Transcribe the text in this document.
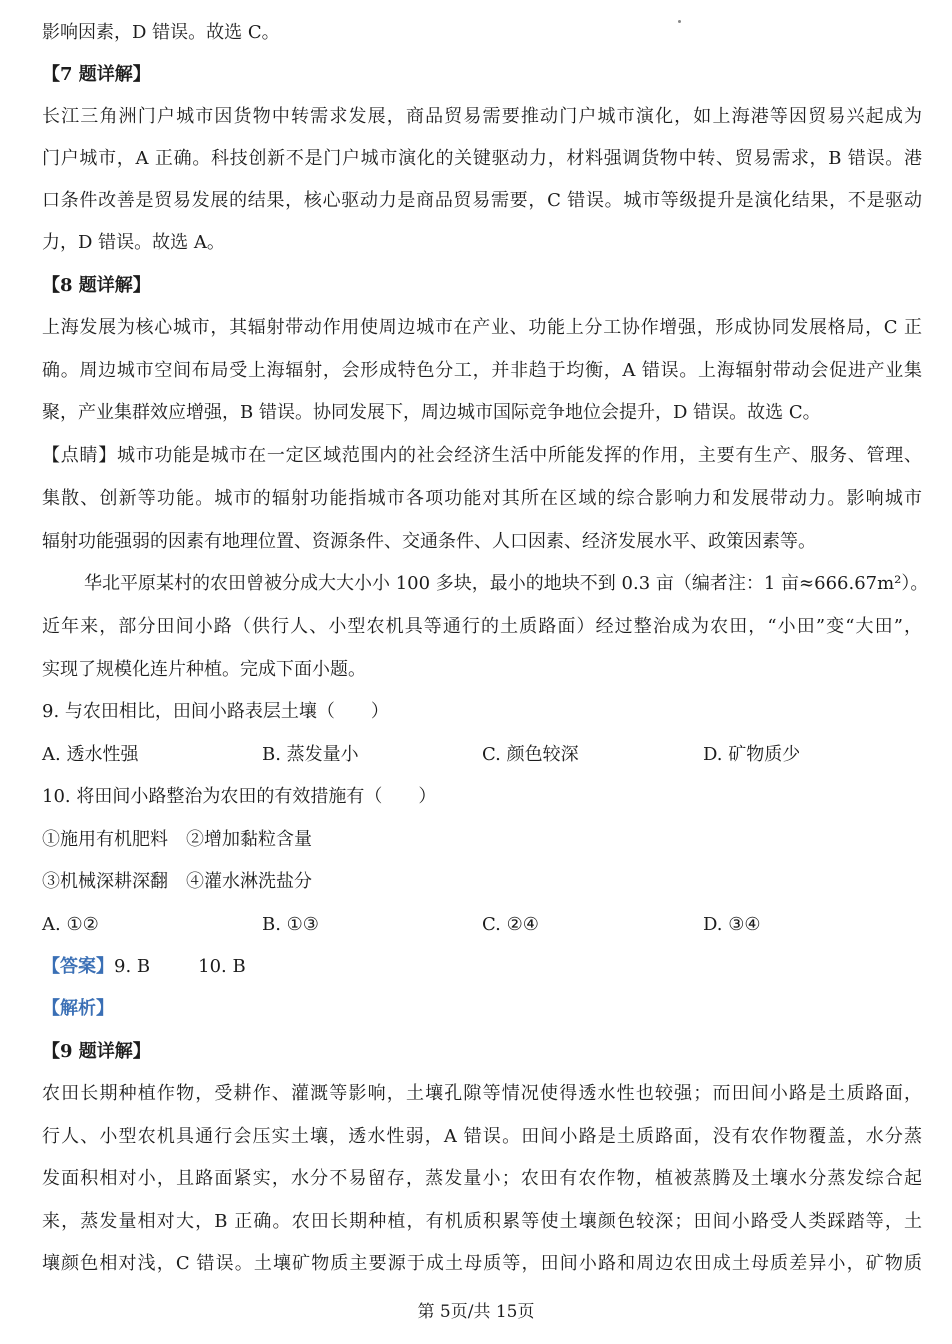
影响因素，D 错误。故选 C。
【7 题详解】
长江三角洲门户城市因货物中转需求发展，商品贸易需要推动门户城市演化，如上海港等因贸易兴起成为
门户城市，A 正确。科技创新不是门户城市演化的关键驱动力，材料强调货物中转、贸易需求，B 错误。港
口条件改善是贸易发展的结果，核心驱动力是商品贸易需要，C 错误。城市等级提升是演化结果，不是驱动
力，D 错误。故选 A。
【8 题详解】
上海发展为核心城市，其辐射带动作用使周边城市在产业、功能上分工协作增强，形成协同发展格局，C 正
确。周边城市空间布局受上海辐射，会形成特色分工，并非趋于均衡，A 错误。上海辐射带动会促进产业集
聚，产业集群效应增强，B 错误。协同发展下，周边城市国际竞争地位会提升，D 错误。故选 C。
【点睛】城市功能是城市在一定区域范围内的社会经济生活中所能发挥的作用，主要有生产、服务、管理、
集散、创新等功能。城市的辐射功能指城市各项功能对其所在区域的综合影响力和发展带动力。影响城市
辐射功能强弱的因素有地理位置、资源条件、交通条件、人口因素、经济发展水平、政策因素等。
华北平原某村的农田曾被分成大大小小 100 多块，最小的地块不到 0.3 亩（编者注：1 亩≈666.67m²）。
近年来，部分田间小路（供行人、小型农机具等通行的土质路面）经过整治成为农田，“小田”变“大田”，
实现了规模化连片种植。完成下面小题。
9. 与农田相比，田间小路表层土壤（　　）
A. 透水性强	B. 蒸发量小	C. 颜色较深	D. 矿物质少
10. 将田间小路整治为农田的有效措施有（　　）
①施用有机肥料　②增加黏粒含量
③机械深耕深翻　④灌水淋洗盐分
A. ①②	B. ①③	C. ②④	D. ③④
【答案】9. B	10. B
【解析】
【9 题详解】
农田长期种植作物，受耕作、灌溉等影响，土壤孔隙等情况使得透水性也较强；而田间小路是土质路面，
行人、小型农机具通行会压实土壤，透水性弱，A 错误。田间小路是土质路面，没有农作物覆盖，水分蒸
发面积相对小，且路面紧实，水分不易留存，蒸发量小；农田有农作物，植被蒸腾及土壤水分蒸发综合起
来，蒸发量相对大，B 正确。农田长期种植，有机质积累等使土壤颜色较深；田间小路受人类踩踏等，土
壤颜色相对浅，C 错误。土壤矿物质主要源于成土母质等，田间小路和周边农田成土母质差异小，矿物质
第 5页/共 15页
